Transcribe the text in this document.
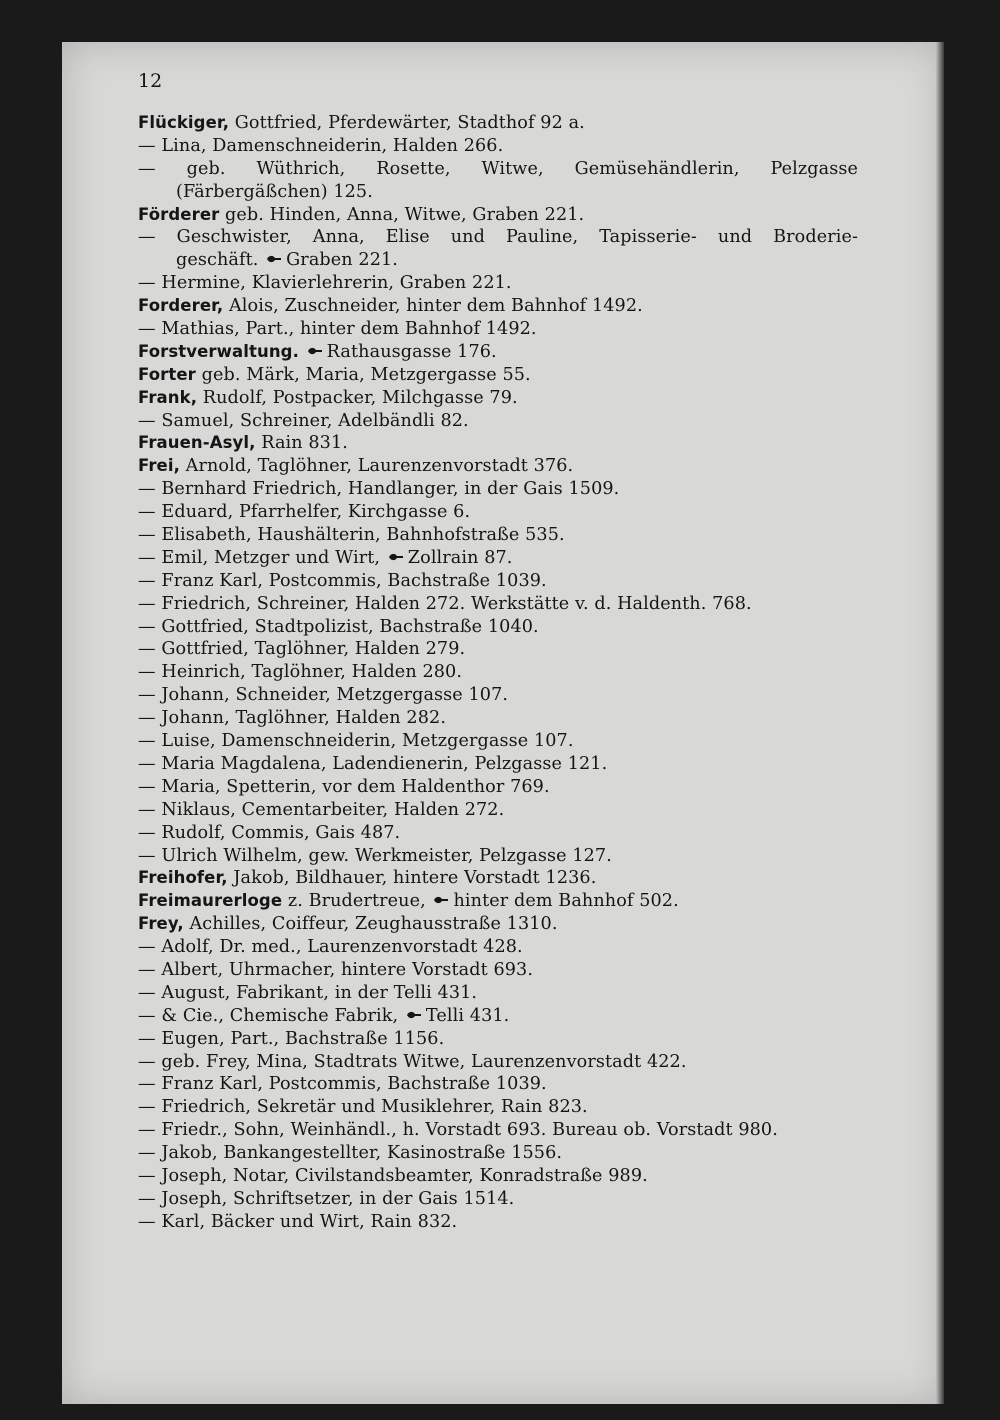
12
Flückiger, Gottfried, Pferdewärter, Stadthof 92 a.
— Lina, Damenschneiderin, Halden 266.
— geb. Wüthrich, Rosette, Witwe, Gemüsehändlerin, Pelzgasse
(Färbergäßchen) 125.
Förderer geb. Hinden, Anna, Witwe, Graben 221.
— Geschwister, Anna, Elise und Pauline, Tapisserie- und Broderie-
geschäft. Graben 221.
— Hermine, Klavierlehrerin, Graben 221.
Forderer, Alois, Zuschneider, hinter dem Bahnhof 1492.
— Mathias, Part., hinter dem Bahnhof 1492.
Forstverwaltung. Rathausgasse 176.
Forter geb. Märk, Maria, Metzgergasse 55.
Frank, Rudolf, Postpacker, Milchgasse 79.
— Samuel, Schreiner, Adelbändli 82.
Frauen-Asyl, Rain 831.
Frei, Arnold, Taglöhner, Laurenzenvorstadt 376.
— Bernhard Friedrich, Handlanger, in der Gais 1509.
— Eduard, Pfarrhelfer, Kirchgasse 6.
— Elisabeth, Haushälterin, Bahnhofstraße 535.
— Emil, Metzger und Wirt, Zollrain 87.
— Franz Karl, Postcommis, Bachstraße 1039.
— Friedrich, Schreiner, Halden 272. Werkstätte v. d. Haldenth. 768.
— Gottfried, Stadtpolizist, Bachstraße 1040.
— Gottfried, Taglöhner, Halden 279.
— Heinrich, Taglöhner, Halden 280.
— Johann, Schneider, Metzgergasse 107.
— Johann, Taglöhner, Halden 282.
— Luise, Damenschneiderin, Metzgergasse 107.
— Maria Magdalena, Ladendienerin, Pelzgasse 121.
— Maria, Spetterin, vor dem Haldenthor 769.
— Niklaus, Cementarbeiter, Halden 272.
— Rudolf, Commis, Gais 487.
— Ulrich Wilhelm, gew. Werkmeister, Pelzgasse 127.
Freihofer, Jakob, Bildhauer, hintere Vorstadt 1236.
Freimaurerloge z. Brudertreue, hinter dem Bahnhof 502.
Frey, Achilles, Coiffeur, Zeughausstraße 1310.
— Adolf, Dr. med., Laurenzenvorstadt 428.
— Albert, Uhrmacher, hintere Vorstadt 693.
— August, Fabrikant, in der Telli 431.
— & Cie., Chemische Fabrik, Telli 431.
— Eugen, Part., Bachstraße 1156.
— geb. Frey, Mina, Stadtrats Witwe, Laurenzenvorstadt 422.
— Franz Karl, Postcommis, Bachstraße 1039.
— Friedrich, Sekretär und Musiklehrer, Rain 823.
— Friedr., Sohn, Weinhändl., h. Vorstadt 693. Bureau ob. Vorstadt 980.
— Jakob, Bankangestellter, Kasinostraße 1556.
— Joseph, Notar, Civilstandsbeamter, Konradstraße 989.
— Joseph, Schriftsetzer, in der Gais 1514.
— Karl, Bäcker und Wirt, Rain 832.
